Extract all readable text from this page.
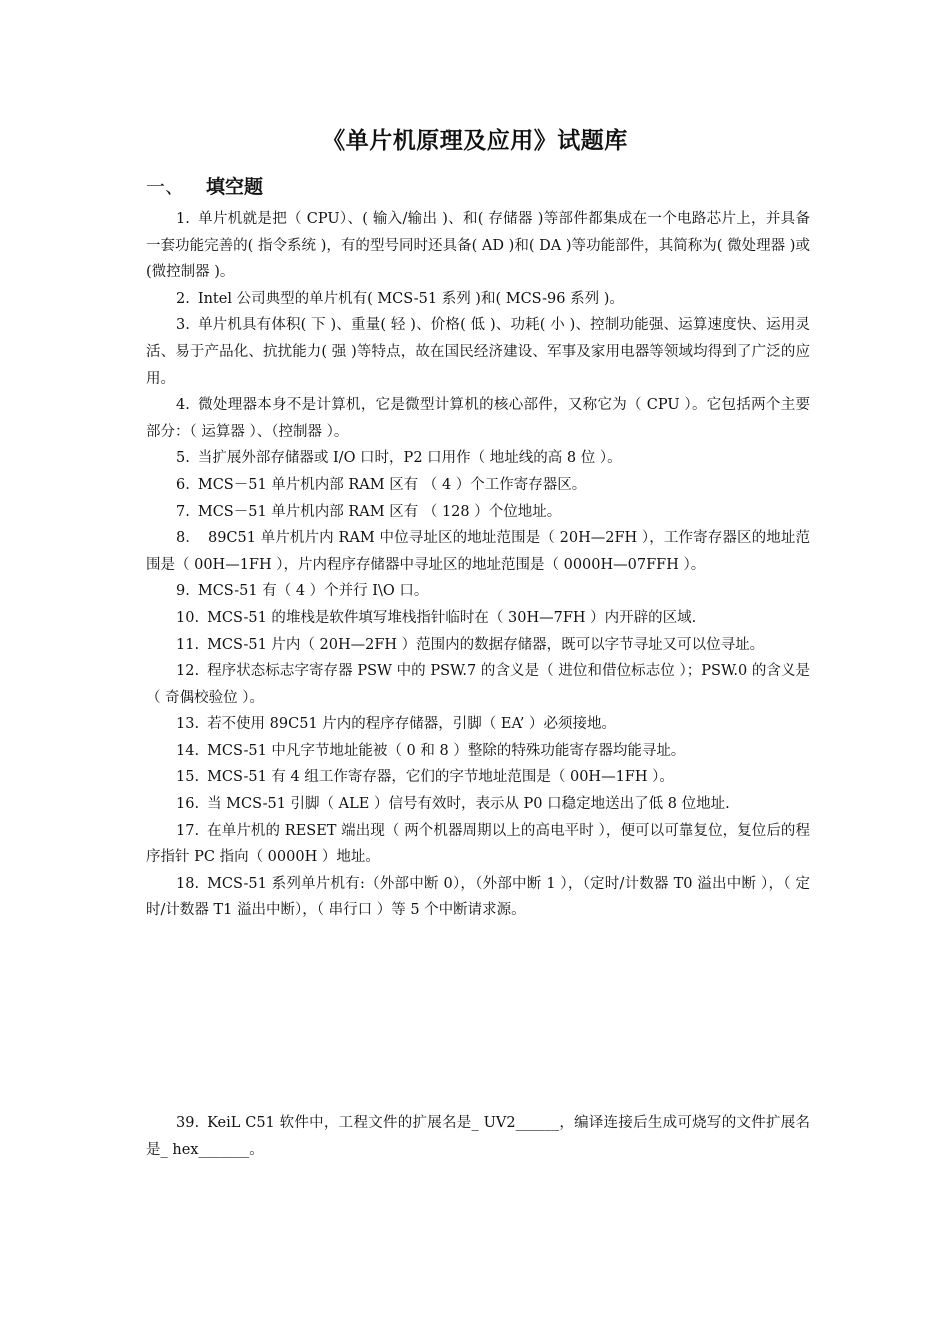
《单片机原理及应用》试题库
一、 填空题

1. 单片机就是把（ CPU）、( 输入/输出 )、和( 存储器 )等部件都集成在一个电路芯片上，并具备一套功能完善的( 指令系统 )，有的型号同时还具备( AD )和( DA )等功能部件，其简称为( 微处理器 )或(微控制器 )。

2. Intel 公司典型的单片机有( MCS-51 系列 )和( MCS-96 系列 )。

3. 单片机具有体积( 下 )、重量( 轻 )、价格( 低 )、功耗( 小 )、控制功能强、运算速度快、运用灵活、易于产品化、抗扰能力( 强 )等特点，故在国民经济建设、军事及家用电器等领域均得到了广泛的应用。

4. 微处理器本身不是计算机，它是微型计算机的核心部件，又称它为（ CPU ）。它包括两个主要部分：（ 运算器 ）、（控制器 ）。

5. 当扩展外部存储器或 I/O 口时，P2 口用作（ 地址线的高 8 位 ）。

6. MCS－51 单片机内部 RAM 区有 （ 4 ）个工作寄存器区。

7. MCS－51 单片机内部 RAM 区有 （ 128 ）个位地址。

8． 89C51 单片机片内 RAM 中位寻址区的地址范围是（ 20H—2FH ），工作寄存器区的地址范围是（ 00H—1FH ），片内程序存储器中寻址区的地址范围是（ 0000H—07FFH ）。

9. MCS-51 有（ 4 ）个并行 I\O 口。

10. MCS-51 的堆栈是软件填写堆栈指针临时在（ 30H—7FH ）内开辟的区域.

11. MCS-51 片内（ 20H—2FH ）范围内的数据存储器，既可以字节寻址又可以位寻址。

12. 程序状态标志字寄存器 PSW 中的 PSW.7 的含义是（ 进位和借位标志位 ）；PSW.0 的含义是（ 奇偶校验位 ）。

13. 若不使用 89C51 片内的程序存储器，引脚（ EA’ ）必须接地。

14. MCS-51 中凡字节地址能被（ 0 和 8 ）整除的特殊功能寄存器均能寻址。

15. MCS-51 有 4 组工作寄存器，它们的字节地址范围是（ 00H—1FH ）。

16. 当 MCS-51 引脚（ ALE ）信号有效时，表示从 P0 口稳定地送出了低 8 位地址.

17. 在单片机的 RESET 端出现（ 两个机器周期以上的高电平时 ），便可以可靠复位，复位后的程序指针 PC 指向（ 0000H ）地址。

18. MCS-51 系列单片机有:（外部中断 0），（外部中断 1 ），（定时/计数器 T0 溢出中断 ），（ 定时/计数器 T1 溢出中断），（ 串行口 ）等 5 个中断请求源。

39. KeiL C51 软件中，工程文件的扩展名是_ UV2______，编译连接后生成可烧写的文件扩展名是_ hex_______。
